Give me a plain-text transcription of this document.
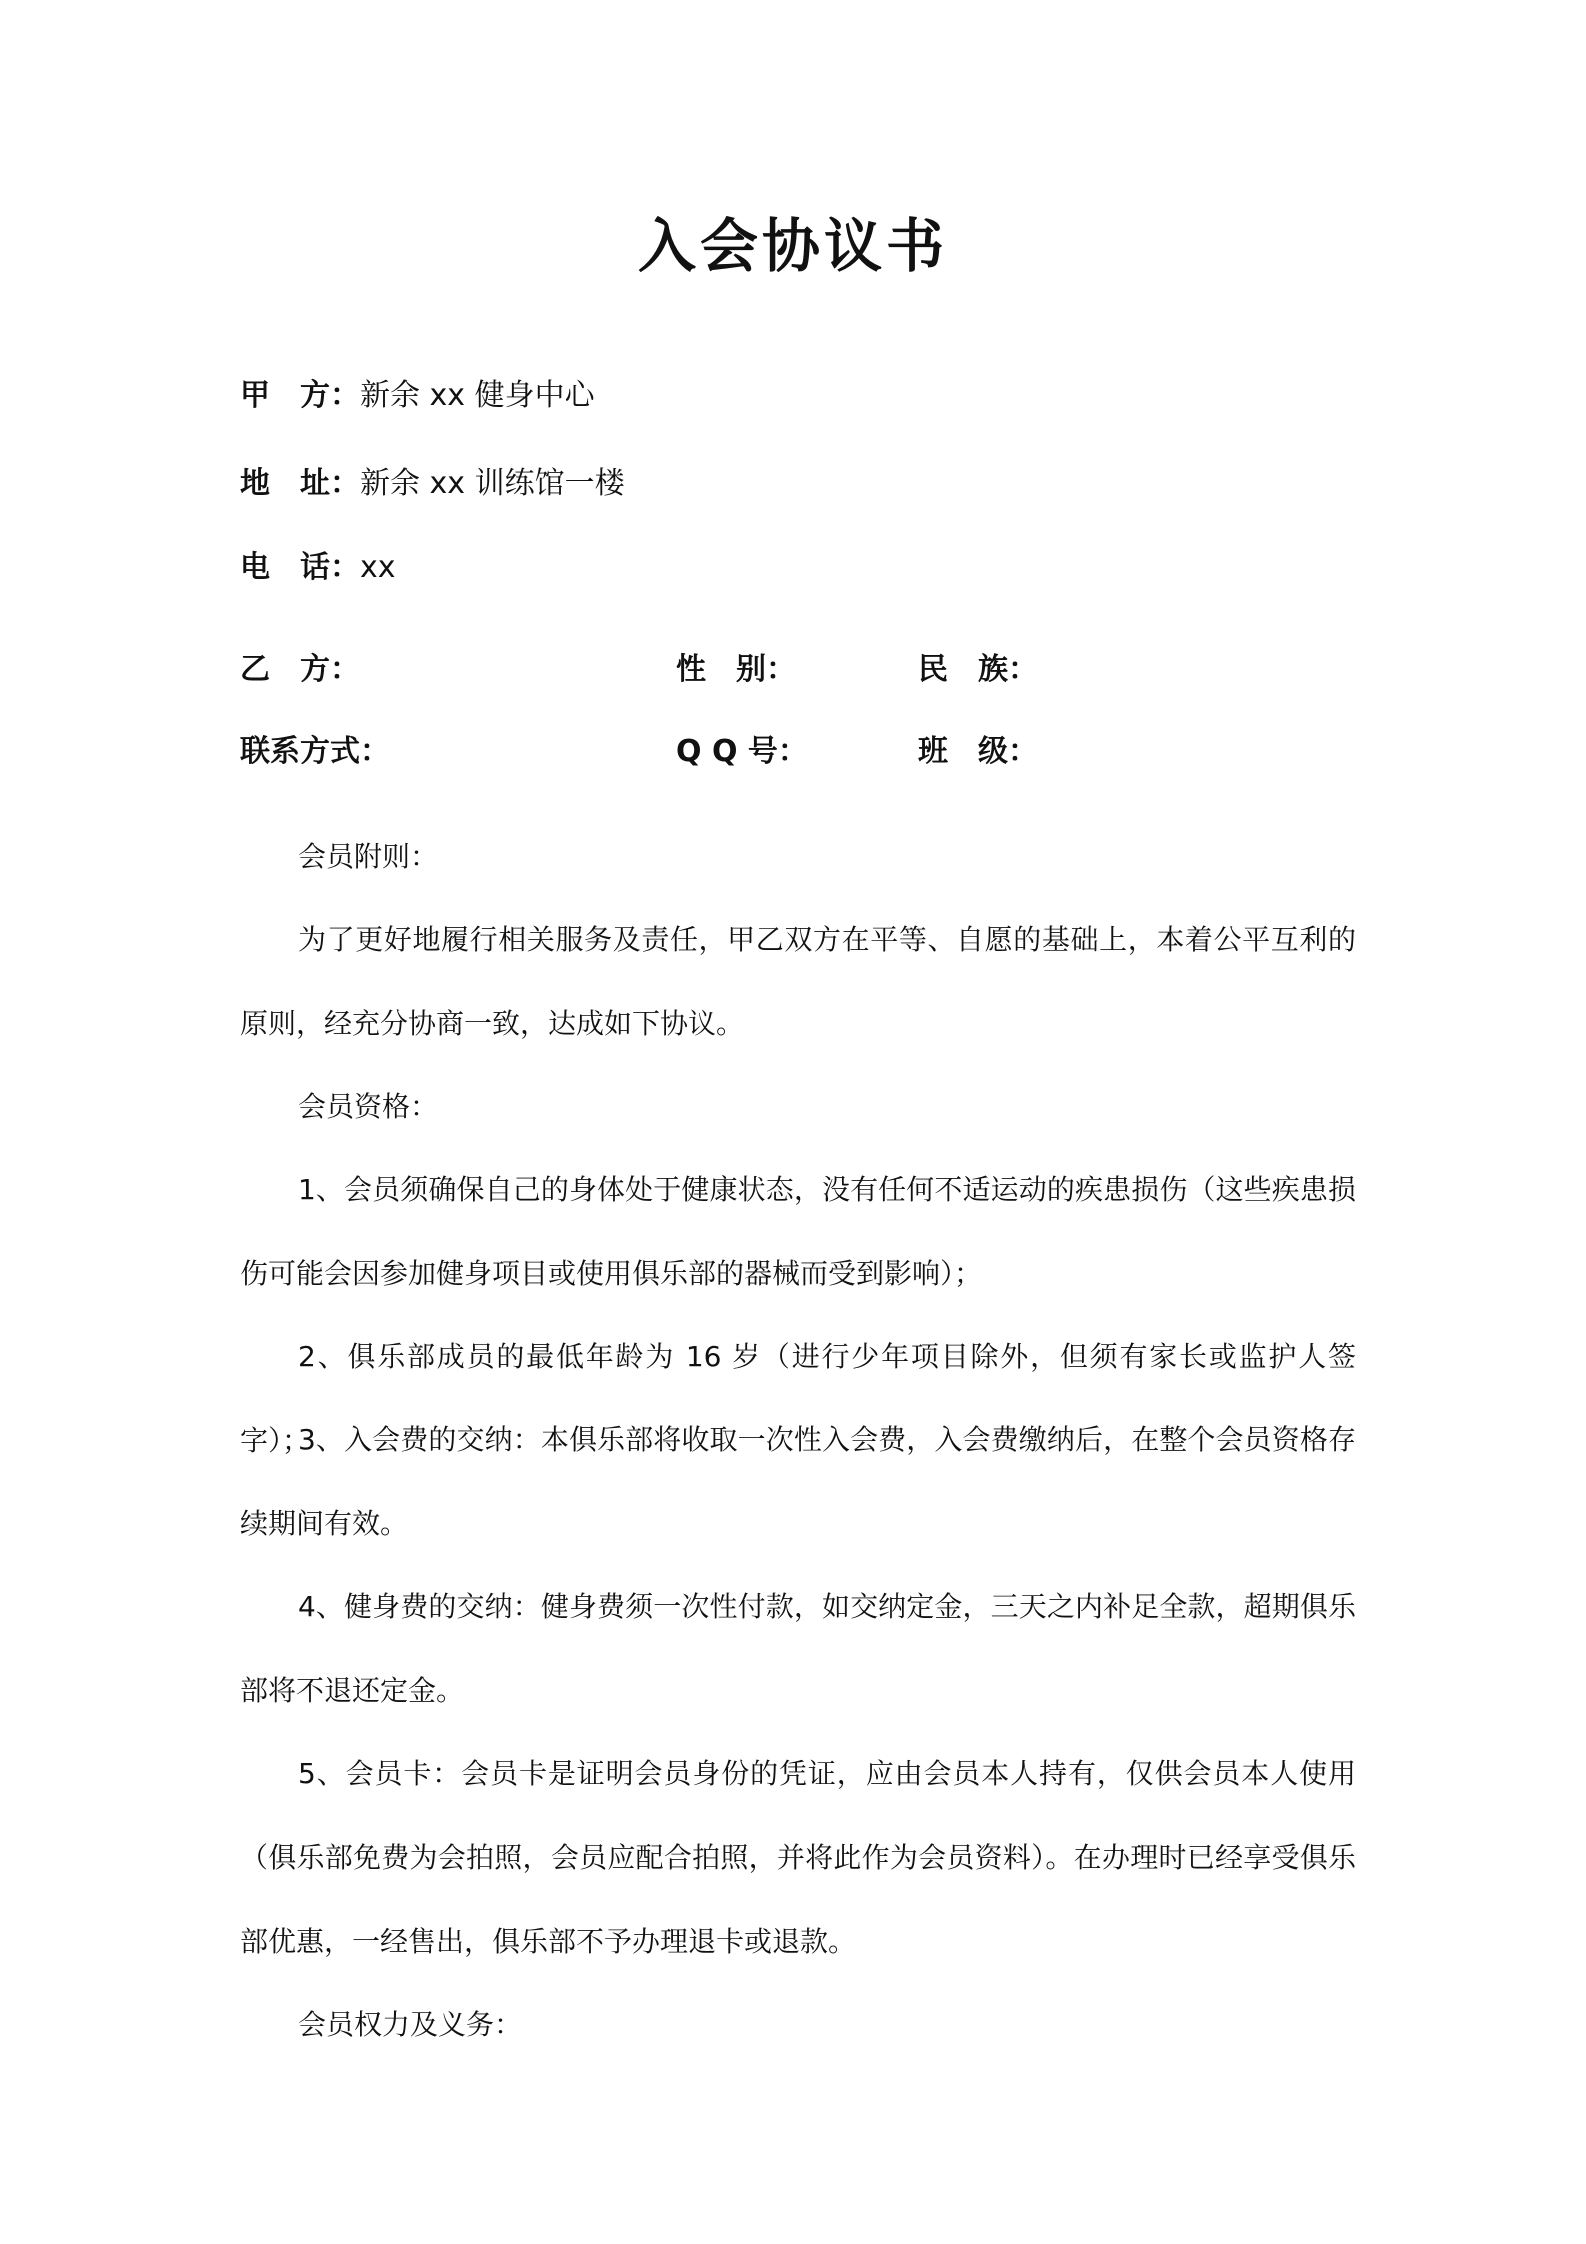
入会协议书
甲　方：新余 xx 健身中心
地　址：新余 xx 训练馆一楼
电　话：xx
乙　方：	性　别：	民　族：
联系方式：	Q Q 号：	班　级：
会员附则：

为了更好地履行相关服务及责任，甲乙双方在平等、自愿的基础上，本着公平互利的原则，经充分协商一致，达成如下协议。

会员资格：

1、会员须确保自己的身体处于健康状态，没有任何不适运动的疾患损伤（这些疾患损伤可能会因参加健身项目或使用俱乐部的器械而受到影响）；

2、俱乐部成员的最低年龄为 16 岁（进行少年项目除外，但须有家长或监护人签字）；

3、入会费的交纳：本俱乐部将收取一次性入会费，入会费缴纳后，在整个会员资格存续期间有效。

4、健身费的交纳：健身费须一次性付款，如交纳定金，三天之内补足全款，超期俱乐部将不退还定金。

5、会员卡：会员卡是证明会员身份的凭证，应由会员本人持有，仅供会员本人使用（俱乐部免费为会拍照，会员应配合拍照，并将此作为会员资料）。在办理时已经享受俱乐部优惠，一经售出，俱乐部不予办理退卡或退款。

会员权力及义务：
